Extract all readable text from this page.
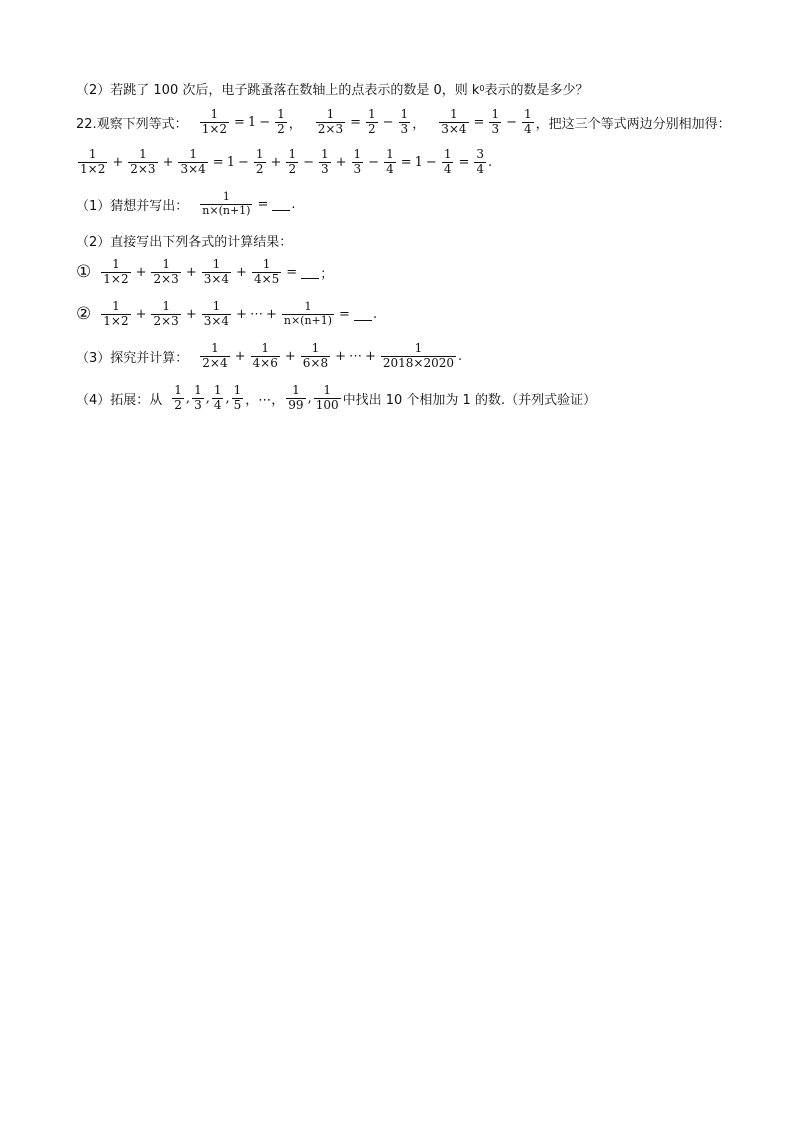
（2）若跳了 100 次后，电子跳蚤落在数轴上的点表示的数是 0，则 k 0 表示的数是多少？
22.观察下列等式： $\frac{1}{1\times 2} = 1 - \frac{1}{2}$ ， $\frac{1}{2\times 3} = \frac{1}{2} - \frac{1}{3}$ ， $\frac{1}{3\times 4} = \frac{1}{3} - \frac{1}{4}$ ，把这三个等式两边分别相加得：
$\frac{1}{1\times 2} + \frac{1}{2\times 3} + \frac{1}{3\times 4} = 1 - \frac{1}{2} + \frac{1}{2} - \frac{1}{3} + \frac{1}{3} - \frac{1}{4} = 1 - \frac{1}{4} = \frac{3}{4}$ .
（1）猜想并写出： $\frac{1}{n\times(n+1)}$ = .
（2）直接写出下列各式的计算结果：
① $\frac{1}{1\times 2} + \frac{1}{2\times 3} + \frac{1}{3\times 4} + \frac{1}{4\times 5}$ = ；
② $\frac{1}{1\times 2} + \frac{1}{2\times 3} + \frac{1}{3\times 4}$ + ⋯ + $\frac{1}{n\times(n+1)}$ = .
（3）探究并计算： $\frac{1}{2\times 4} + \frac{1}{4\times 6} + \frac{1}{6\times 8}$ + ⋯ + $\frac{1}{2018\times 2020}$ .
（4）拓展：从 $\frac{1}{2}$ , $\frac{1}{3}$ , $\frac{1}{4}$ , $\frac{1}{5}$ ，⋯， $\frac{1}{99}$ , $\frac{1}{100}$ 中找出 10 个相加为 1 的数.（并列式验证）
